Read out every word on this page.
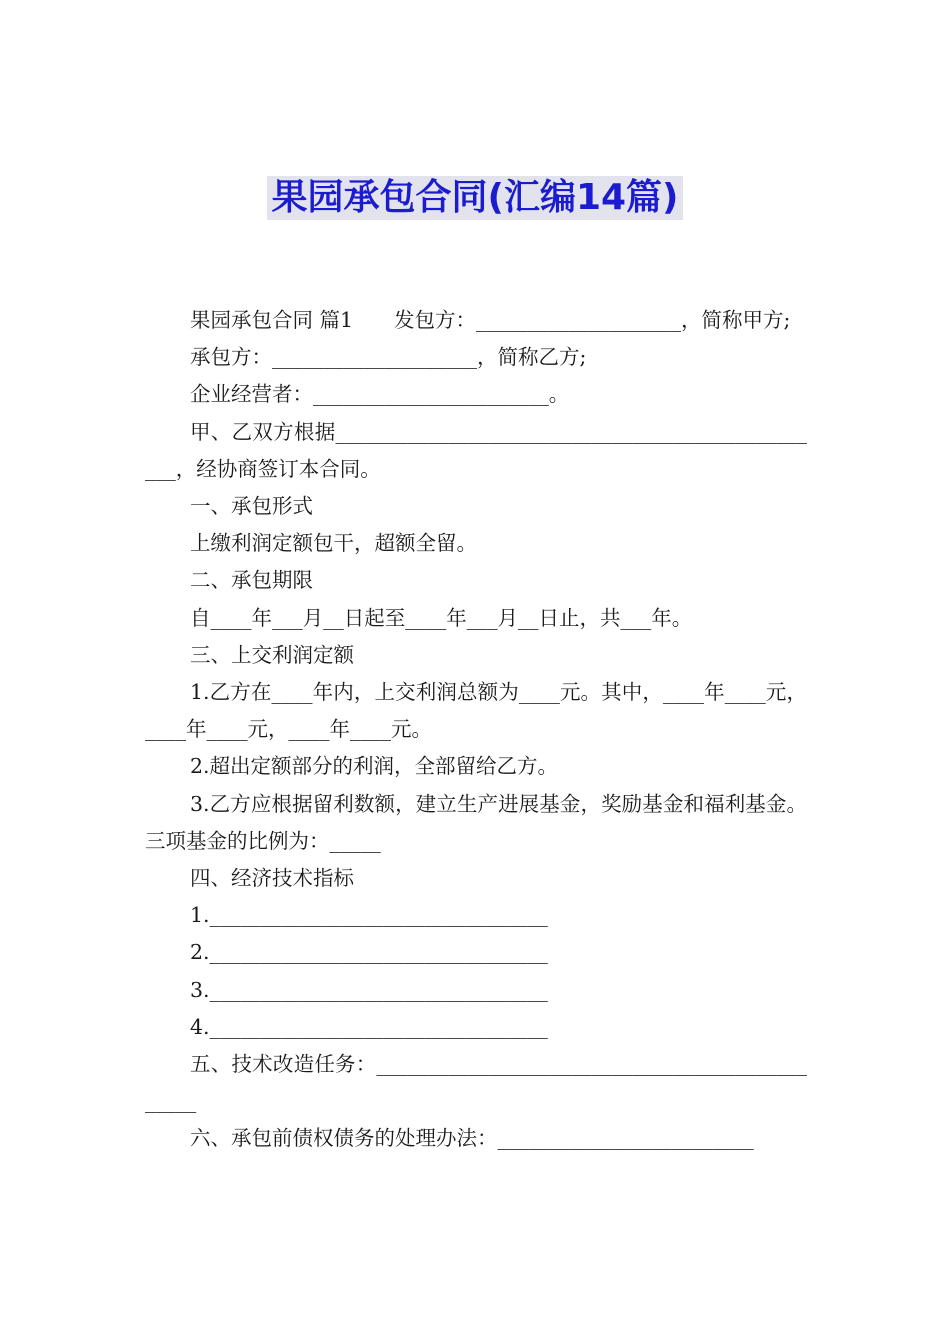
果园承包合同(汇编14篇)

果园承包合同 篇1　　发包方：____________________，简称甲方;

承包方：____________________，简称乙方;

企业经营者：_______________________。

甲、乙双方根据_________________________________________________，经协商签订本合同。

一、承包形式

上缴利润定额包干，超额全留。

二、承包期限

自____年___月__日起至____年___月__日止，共___年。

三、上交利润定额

1.乙方在____年内，上交利润总额为____元。其中，____年____元，____年____元，____年____元。

2.超出定额部分的利润，全部留给乙方。

3.乙方应根据留利数额，建立生产进展基金，奖励基金和福利基金。三项基金的比例为：_____

四、经济技术指标

1._________________________________

2._________________________________

3._________________________________

4._________________________________

五、技术改造任务：_______________________________________________

六、承包前债权债务的处理办法：_________________________
